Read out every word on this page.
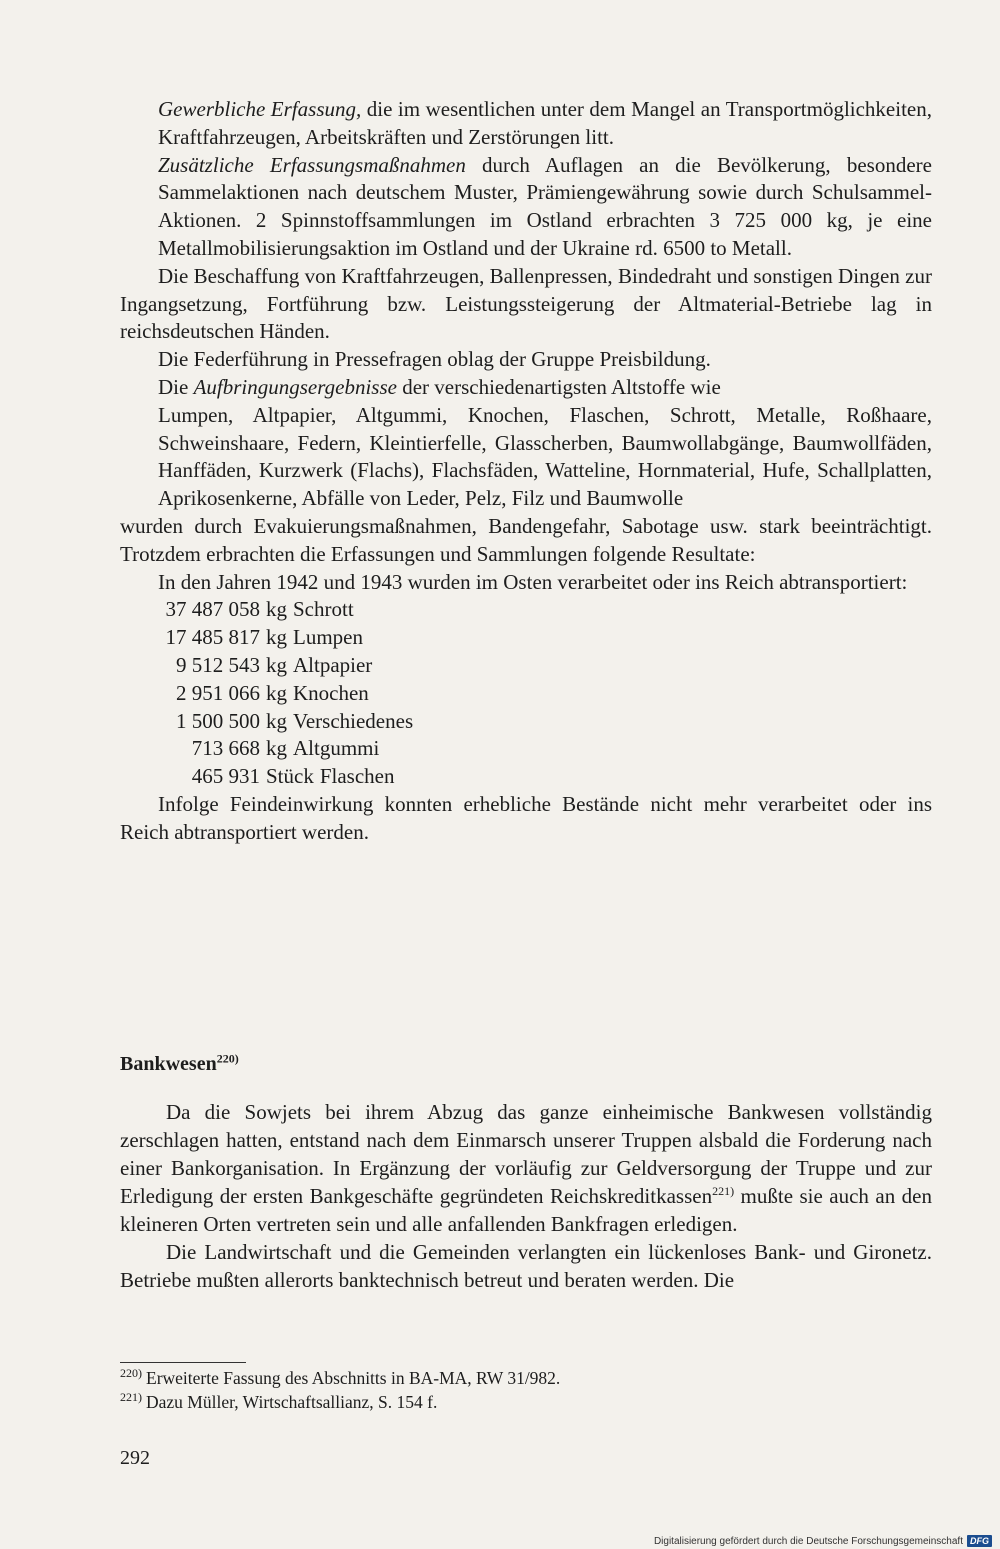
Gewerbliche Erfassung, die im wesentlichen unter dem Mangel an Transportmöglichkeiten, Kraftfahrzeugen, Arbeitskräften und Zerstörungen litt.

Zusätzliche Erfassungsmaßnahmen durch Auflagen an die Bevölkerung, besondere Sammelaktionen nach deutschem Muster, Prämiengewährung sowie durch Schulsammel-Aktionen. 2 Spinnstoffsammlungen im Ostland erbrachten 3 725 000 kg, je eine Metallmobilisierungsaktion im Ostland und der Ukraine rd. 6500 to Metall.

Die Beschaffung von Kraftfahrzeugen, Ballenpressen, Bindedraht und sonstigen Dingen zur Ingangsetzung, Fortführung bzw. Leistungssteigerung der Altmaterial-Betriebe lag in reichsdeutschen Händen.

Die Federführung in Pressefragen oblag der Gruppe Preisbildung.

Die Aufbringungsergebnisse der verschiedenartigsten Altstoffe wie

Lumpen, Altpapier, Altgummi, Knochen, Flaschen, Schrott, Metalle, Roßhaare, Schweinshaare, Federn, Kleintierfelle, Glasscherben, Baumwollabgänge, Baumwollfäden, Hanffäden, Kurzwerk (Flachs), Flachsfäden, Watteline, Hornmaterial, Hufe, Schallplatten, Aprikosenkerne, Abfälle von Leder, Pelz, Filz und Baumwolle

wurden durch Evakuierungsmaßnahmen, Bandengefahr, Sabotage usw. stark beeinträchtigt. Trotzdem erbrachten die Erfassungen und Sammlungen folgende Resultate:

In den Jahren 1942 und 1943 wurden im Osten verarbeitet oder ins Reich abtransportiert:

37 487 058 kg Schrott
17 485 817 kg Lumpen
9 512 543 kg Altpapier
2 951 066 kg Knochen
1 500 500 kg Verschiedenes
713 668 kg Altgummi
465 931 Stück Flaschen

Infolge Feindeinwirkung konnten erhebliche Bestände nicht mehr verarbeitet oder ins Reich abtransportiert werden.

Bankwesen$^{220)}$

Da die Sowjets bei ihrem Abzug das ganze einheimische Bankwesen vollständig zerschlagen hatten, entstand nach dem Einmarsch unserer Truppen alsbald die Forderung nach einer Bankorganisation. In Ergänzung der vorläufig zur Geldversorgung der Truppe und zur Erledigung der ersten Bankgeschäfte gegründeten Reichskreditkassen$^{221)}$ mußte sie auch an den kleineren Orten vertreten sein und alle anfallenden Bankfragen erledigen.

Die Landwirtschaft und die Gemeinden verlangten ein lückenloses Bank- und Gironetz. Betriebe mußten allerorts banktechnisch betreut und beraten werden. Die

$^{220)}$ Erweiterte Fassung des Abschnitts in BA-MA, RW 31/982.
$^{221)}$ Dazu Müller, Wirtschaftsallianz, S. 154 f.
292
Digitalisierung gefördert durch die Deutsche Forschungsgemeinschaft DFG
